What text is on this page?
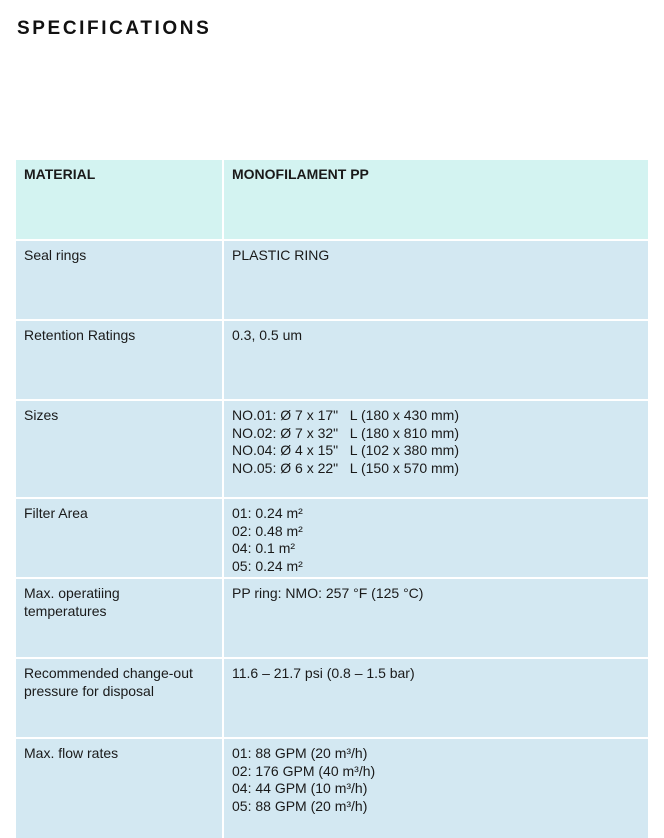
SPECIFICATIONS
MATERIAL	MONOFILAMENT PP

Seal rings	PLASTIC RING

Retention Ratings	0.3, 0.5 um

Sizes	NO.01: Ø 7 x 17"   L (180 x 430 mm)
NO.02: Ø 7 x 32"   L (180 x 810 mm)
NO.04: Ø 4 x 15"   L (102 x 380 mm)
NO.05: Ø 6 x 22"   L (150 x 570 mm)

Filter Area	01: 0.24 m²
02: 0.48 m²
04: 0.1 m²
05: 0.24 m²

Max. operatiing
temperatures	PP ring: NMO: 257 °F (125 °C)

Recommended change-out
pressure for disposal	11.6 – 21.7 psi (0.8 – 1.5 bar)

Max. flow rates	01: 88 GPM (20 m³/h)
02: 176 GPM (40 m³/h)
04: 44 GPM (10 m³/h)
05: 88 GPM (20 m³/h)
